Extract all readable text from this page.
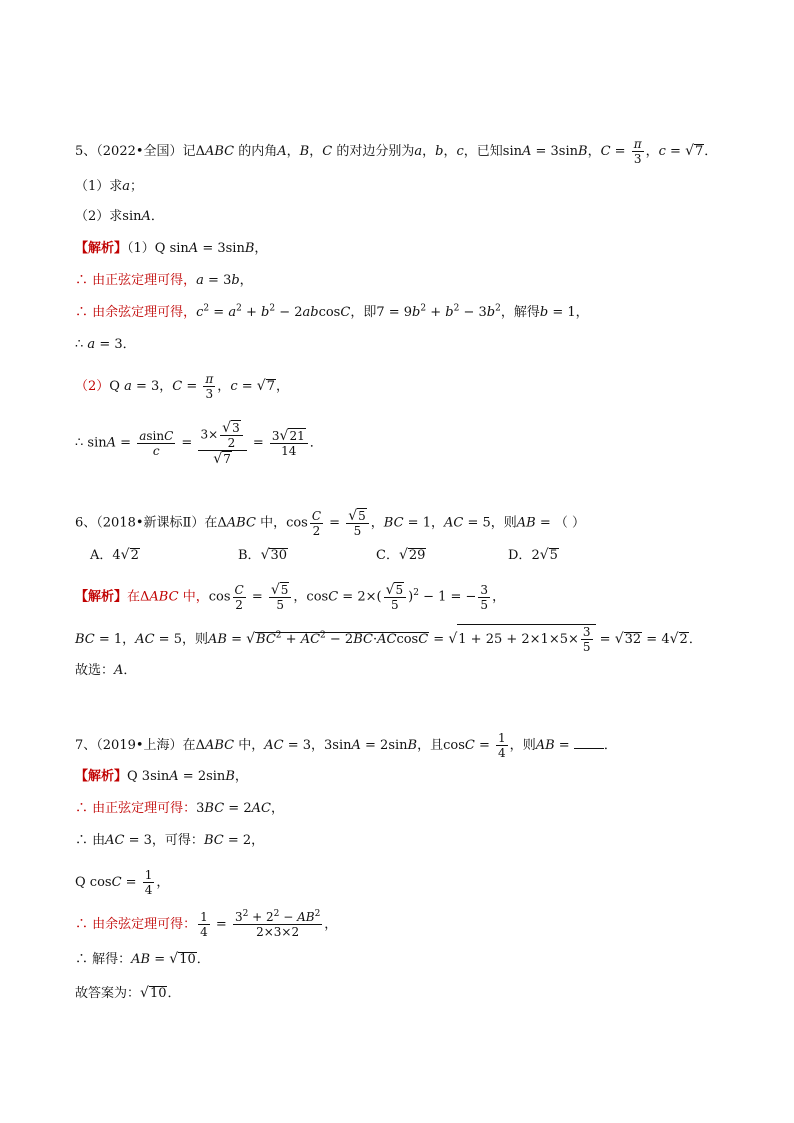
5、（2022•全国）记ΔABC 的内角A，B，C 的对边分别为a，b，c，已知sinA = 3sinB，$C = \frac{\pi}{3}$ ，c = √7．
（1）求a；
（2）求sinA．
【解析】（1）Q sinA = 3sinB，
∴ 由正弦定理可得，a = 3b，
∴ 由余弦定理可得，$c^2 = a^2 + b^2 - 2abcosC$，即$7 = 9b^2 + b^2 - 3b^2$，解得b = 1，
∴ a = 3．
（2）Q a = 3，$C = \frac{\pi}{3}$ ，c = √7，
∴ $\sin A = \frac{asinC}{c} = \frac{3\times \frac{√3}{2}}{√7} = \frac{3√21}{14}$ ．
6、（2018•新课标Ⅱ）在ΔABC 中，$\cos \frac{C}{2} = \frac{√5}{5}$ ，BC = 1，AC = 5，则AB = （ ）
A．4√2	B．√30	C．√29	D．2√5
【解析】在ΔABC 中，$\cos \frac{C}{2} = \frac{√5}{5}$ ，$\cos C = 2\times( \frac{√5}{5} )^2 - 1$ = − $\frac{3}{5}$ ，
BC = 1，AC = 5，则AB = $√BC^2 + AC^2 - 2BC\cdot ACcosC = √1 + 25 + 2\times 1\times 5\times \frac{3}{5} = √32 = 4√2$．
故选：A．
7、（2019•上海）在ΔABC 中，AC = 3，3sinA = 2sinB，且$\cos C = \frac{1}{4}$ ，则AB = ．
【解析】Q 3sinA = 2sinB，
∴ 由正弦定理可得：3BC = 2AC，
∴ 由AC = 3，可得：BC = 2，
Q $\cos C = \frac{1}{4}$ ，
∴ 由余弦定理可得： $\frac{1}{4} = \frac{3^2 + 2^2 - AB^2}{2\times 3\times 2}$ ，
∴ 解得：AB = √10．
故答案为：√10．
